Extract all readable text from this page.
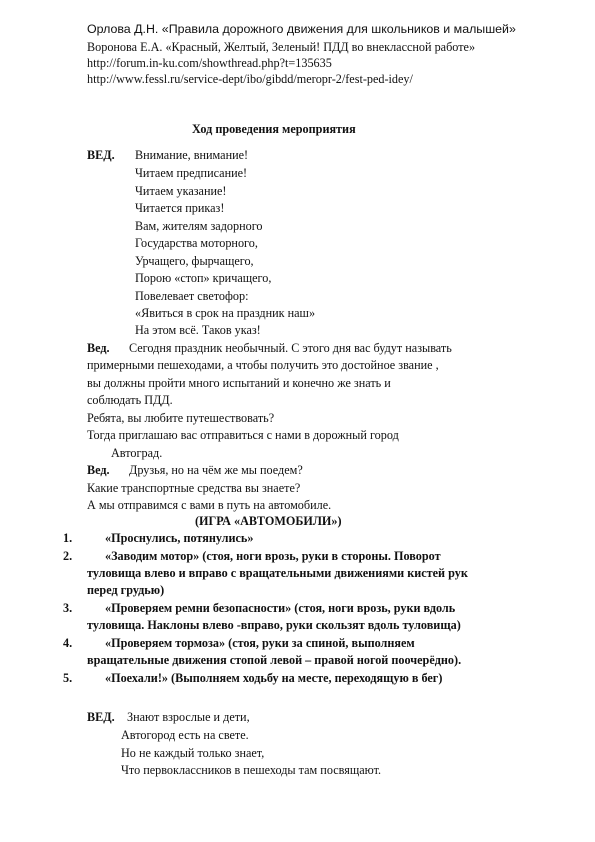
Орлова Д.Н. «Правила дорожного движения для школьников и малышей»
Воронова Е.А. «Красный, Желтый, Зеленый! ПДД во внеклассной работе»
http://forum.in-ku.com/showthread.php?t=135635
http://www.fessl.ru/service-dept/ibo/gibdd/meropr-2/fest-ped-idey/
Ход проведения мероприятия
ВЕД. Внимание, внимание!
Читаем предписание!
Читаем указание!
Читается приказ!
Вам, жителям задорного
Государства моторного,
Урчащего, фырчащего,
Порою «стоп» кричащего,
Повелевает светофор:
«Явиться в срок на праздник наш»
На этом всё. Таков указ!
Вед. Сегодня праздник необычный. С этого дня вас будут называть
примерными пешеходами, а чтобы получить это достойное звание ,
вы должны пройти много испытаний и конечно же знать и
соблюдать ПДД.
Ребята, вы любите путешествовать?
Тогда приглашаю вас отправиться с нами в дорожный город
Автоград.
Вед. Друзья, но на чём же мы поедем?
Какие транспортные средства вы знаете?
А мы отправимся с вами в путь на автомобиле.
(ИГРА «АВТОМОБИЛИ»)
1.	«Проснулись, потянулись»
2.	«Заводим мотор» (стоя, ноги врозь, руки в стороны. Поворот
туловища влево и вправо с вращательными движениями кистей рук
перед грудью)
3.	«Проверяем ремни безопасности» (стоя, ноги врозь, руки вдоль
туловища. Наклоны влево -вправо, руки скользят вдоль туловища)
4.	«Проверяем тормоза» (стоя, руки за спиной, выполняем
вращательные движения стопой левой – правой ногой поочерёдно).
5.	«Поехали!» (Выполняем ходьбу на месте, переходящую в бег)
ВЕД. Знают взрослые и дети,
Автогород есть на свете.
Но не каждый только знает,
Что первоклассников в пешеходы там посвящают.
